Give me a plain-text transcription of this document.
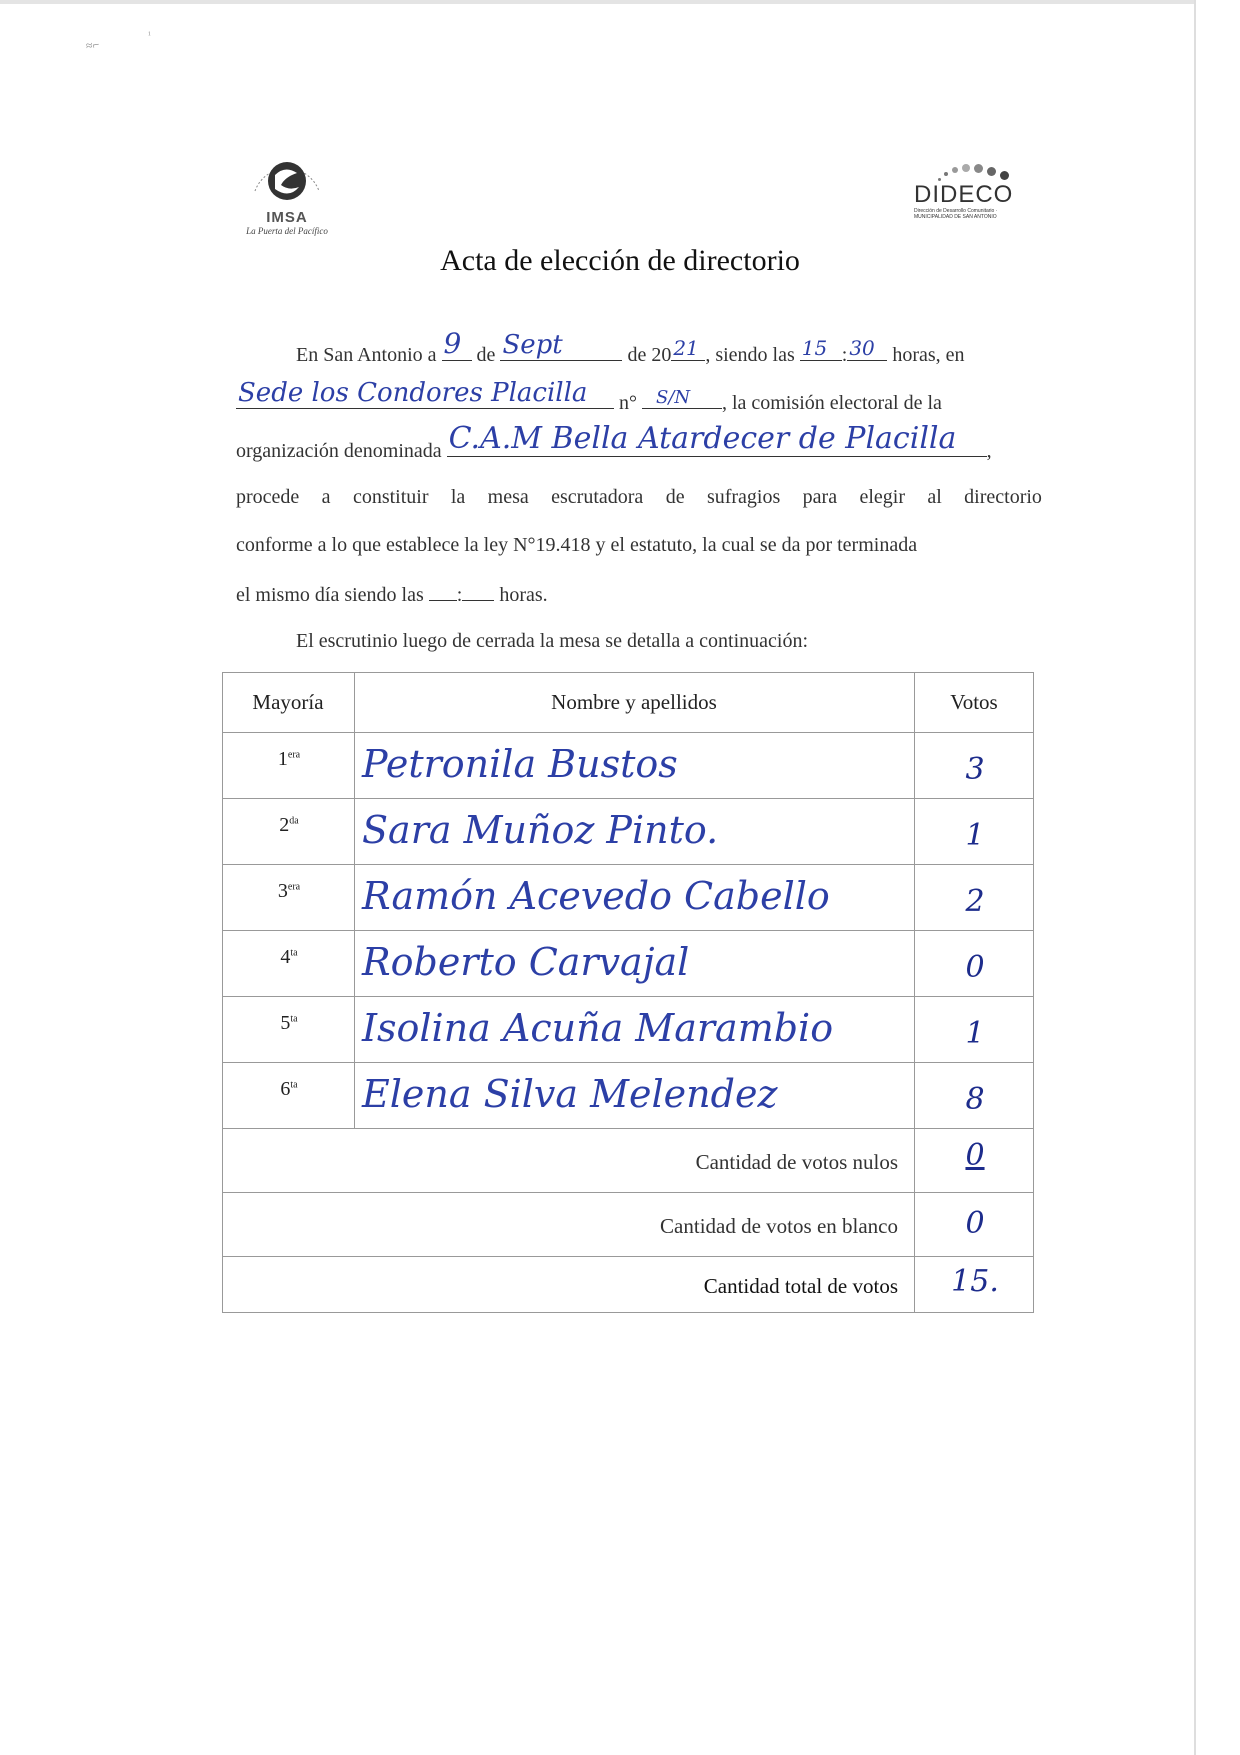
≈⌐
¹
IMSA
La Puerta del Pacífico
DIDECO
Dirección de Desarrollo Comunitario · MUNICIPALIDAD DE SAN ANTONIO
Acta de elección de directorio
En San Antonio a 9 de Sept	de 20 21 , siendo las 15 : 30 horas, en
Sede los Condores Placilla n° S/N , la comisión electoral de la
organización denominada C.A.M Bella Atardecer de Placilla ,
procede a constituir la mesa escrutadora de sufragios para elegir al directorio
conforme a lo que establece la ley N°19.418 y el estatuto, la cual se da por terminada
el mismo día siendo las : horas.
El escrutinio luego de cerrada la mesa se detalla a continuación:
Mayoría	Nombre y apellidos	Votos
$1^{era}$	Petronila Bustos	3
$2^{da}$	Sara Muñoz Pinto.	1
$3^{era}$	Ramón Acevedo Cabello	2
$4^{ta}$	Roberto Carvajal	0
$5^{ta}$	Isolina Acuña Marambio	1
$6^{ta}$	Elena Silva Melendez	8
Cantidad de votos nulos	0
Cantidad de votos en blanco	0
Cantidad total de votos	15.
